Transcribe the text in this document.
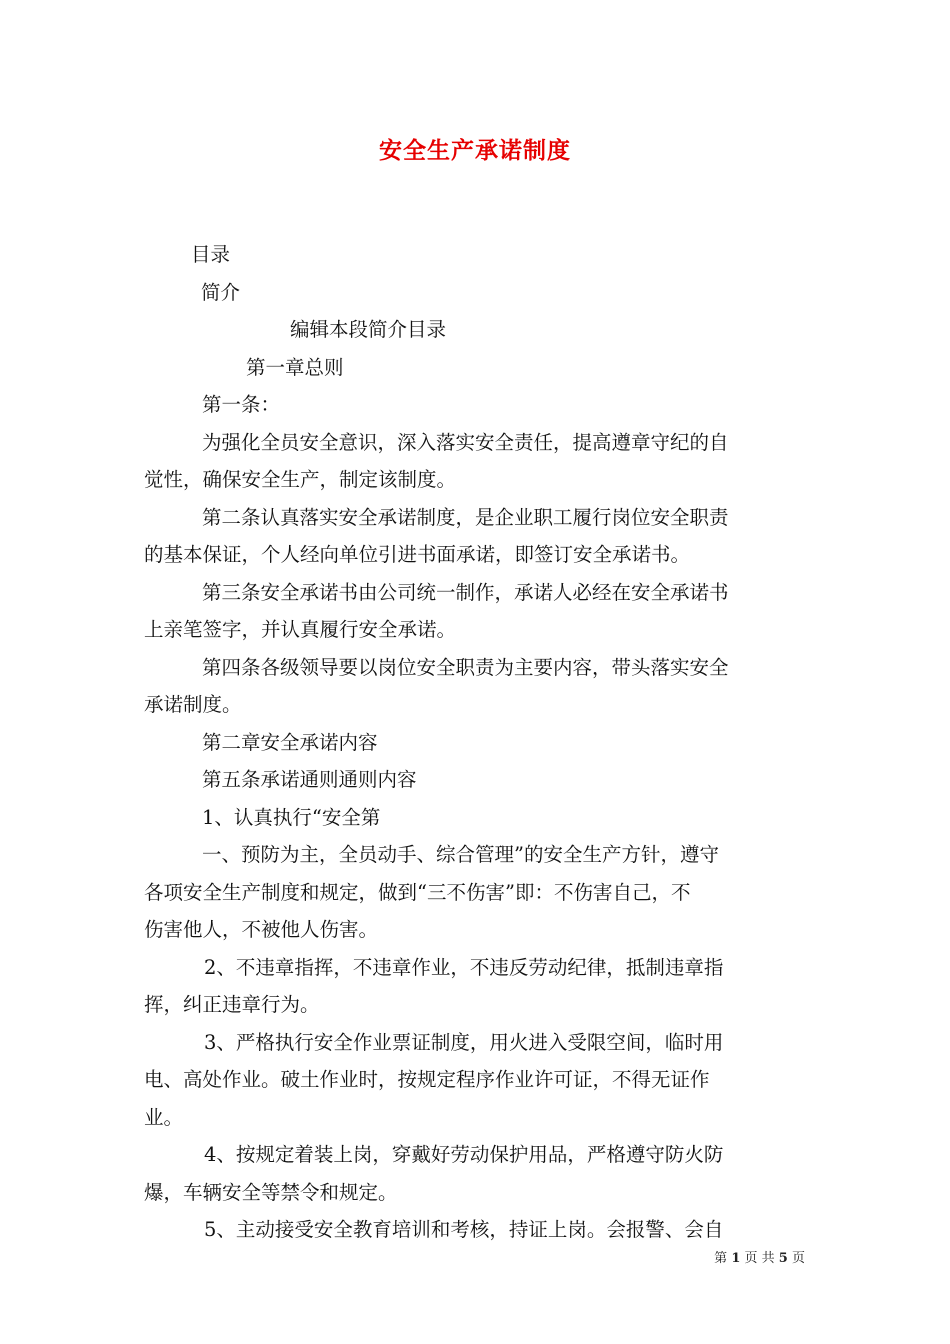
安全生产承诺制度

目录

简介

编辑本段简介目录

第一章总则

第一条：

为强化全员安全意识，深入落实安全责任，提高遵章守纪的自

觉性，确保安全生产，制定该制度。

第二条认真落实安全承诺制度，是企业职工履行岗位安全职责

的基本保证，个人经向单位引进书面承诺，即签订安全承诺书。

第三条安全承诺书由公司统一制作，承诺人必经在安全承诺书

上亲笔签字，并认真履行安全承诺。

第四条各级领导要以岗位安全职责为主要内容，带头落实安全

承诺制度。

第二章安全承诺内容

第五条承诺通则通则内容

1、认真执行“安全第

一、预防为主，全员动手、综合管理”的安全生产方针，遵守

各项安全生产制度和规定，做到“三不伤害”即：不伤害自己，不

伤害他人，不被他人伤害。

2、不违章指挥，不违章作业，不违反劳动纪律，抵制违章指

挥，纠正违章行为。

3、严格执行安全作业票证制度，用火进入受限空间，临时用

电、高处作业。破土作业时，按规定程序作业许可证，不得无证作

业。

4、按规定着装上岗，穿戴好劳动保护用品，严格遵守防火防

爆，车辆安全等禁令和规定。

5、主动接受安全教育培训和考核，持证上岗。会报警、会自

第 1 页 共 5 页
